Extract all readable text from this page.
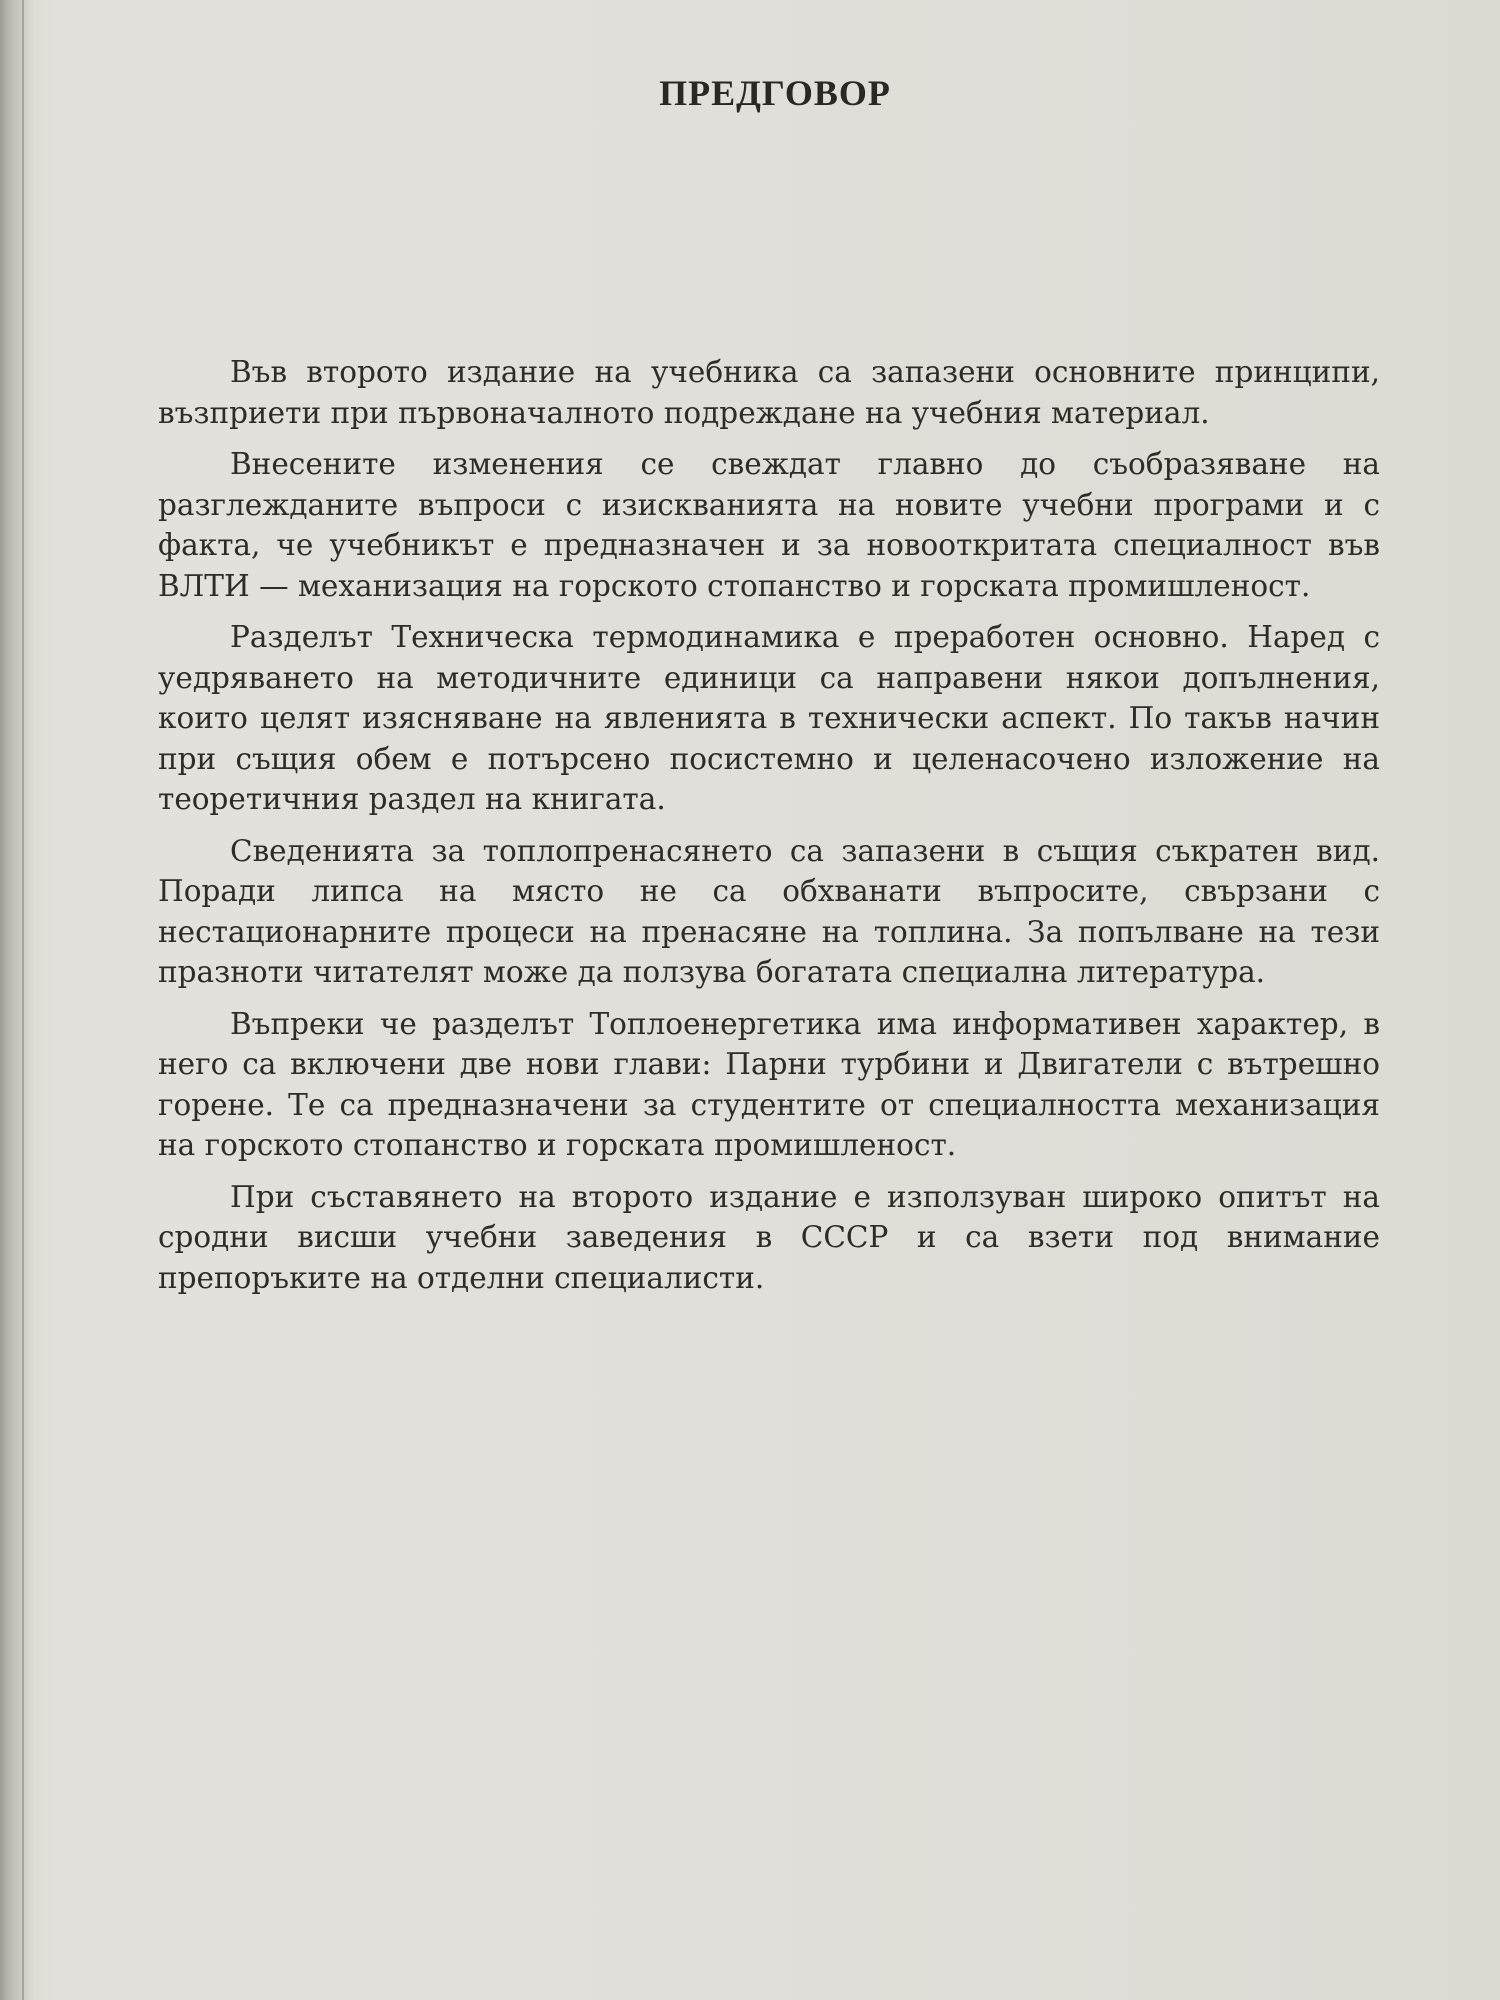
ПРЕДГОВОР

Във второто издание на учебника са запазени основните принципи, възприети при първоначалното подреждане на учебния материал.

Внесените изменения се свеждат главно до съобразяване на разглежданите въпроси с изискванията на новите учебни програми и с факта, че учебникът е предназначен и за новооткритата специалност във ВЛТИ — механизация на горското стопанство и горската промишленост.

Разделът Техническа термодинамика е преработен основно. Наред с уедряването на методичните единици са направени някои допълнения, които целят изясняване на явленията в технически аспект. По такъв начин при същия обем е потърсено посистемно и целенасочено изложение на теоретичния раздел на книгата.

Сведенията за топлопренасянето са запазени в същия съкратен вид. Поради липса на място не са обхванати въпросите, свързани с нестационарните процеси на пренасяне на топлина. За попълване на тези празноти читателят може да ползува богатата специална литература.

Въпреки че разделът Топлоенергетика има информативен характер, в него са включени две нови глави: Парни турбини и Двигатели с вътрешно горене. Те са предназначени за студентите от специалността механизация на горското стопанство и горската промишленост.

При съставянето на второто издание е използуван широко опитът на сродни висши учебни заведения в СССР и са взети под внимание препоръките на отделни специалисти.
